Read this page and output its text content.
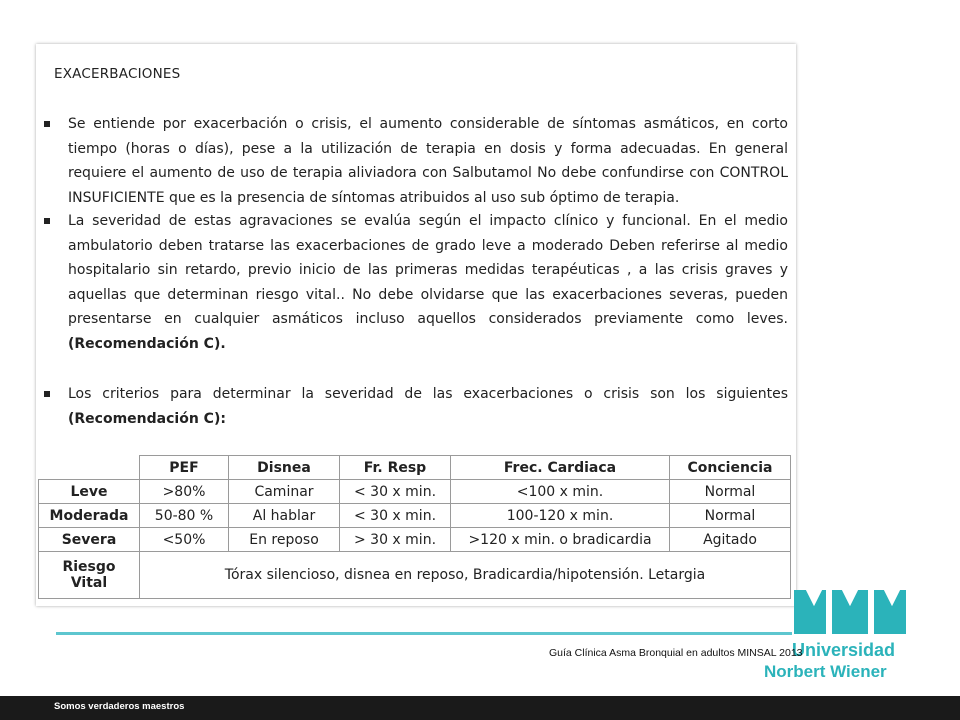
EXACERBACIONES
Se entiende por exacerbación o crisis, el aumento considerable de síntomas asmáticos, en corto tiempo (horas o días), pese a la utilización de terapia en dosis y forma adecuadas. En general requiere el aumento de uso de terapia aliviadora con Salbutamol No debe confundirse con CONTROL INSUFICIENTE que es la presencia de síntomas atribuidos al uso sub óptimo de terapia.
La severidad de estas agravaciones se evalúa según el impacto clínico y funcional. En el medio ambulatorio deben tratarse las exacerbaciones de grado leve a moderado Deben referirse al medio hospitalario sin retardo, previo inicio de las primeras medidas terapéuticas , a las crisis graves y aquellas que determinan riesgo vital.. No debe olvidarse que las exacerbaciones severas, pueden presentarse en cualquier asmáticos incluso aquellos considerados previamente como leves. (Recomendación C).
Los criterios para determinar la severidad de las exacerbaciones o crisis son los siguientes (Recomendación C):
	PEF	Disnea	Fr. Resp	Frec. Cardiaca	Conciencia
Leve	>80%	Caminar	< 30 x min.	<100 x min.	Normal
Moderada	50-80 %	Al hablar	< 30 x min.	100-120 x min.	Normal
Severa	<50%	En reposo	> 30 x min.	>120 x min. o bradicardia	Agitado
Riesgo
Vital	Tórax silencioso, disnea en reposo, Bradicardia/hipotensión. Letargia				
Universidad
Norbert Wiener
Guía Clínica Asma Bronquial en adultos MINSAL 2013
Somos verdaderos maestros
